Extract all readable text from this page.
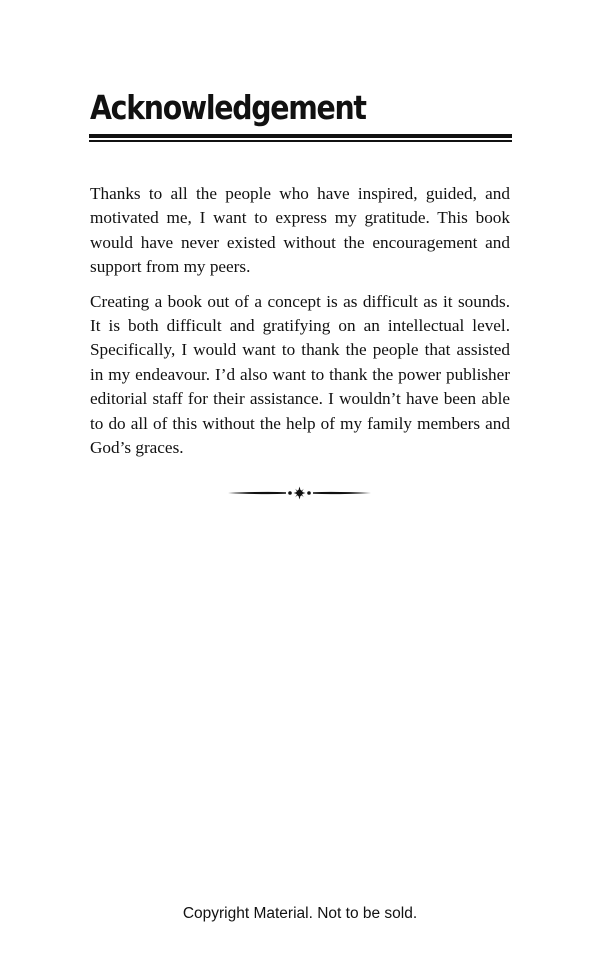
Acknowledgement

Thanks to all the people who have inspired, guided, and motivated me, I want to express my gratitude. This book would have never existed without the encouragement and support from my peers.

Creating a book out of a concept is as difficult as it sounds. It is both difficult and gratifying on an intellectual level. Specifically, I would want to thank the people that assisted in my endeavour. I’d also want to thank the power publisher editorial staff for their assistance. I wouldn’t have been able to do all of this without the help of my family members and God’s graces.

Copyright Material. Not to be sold.
